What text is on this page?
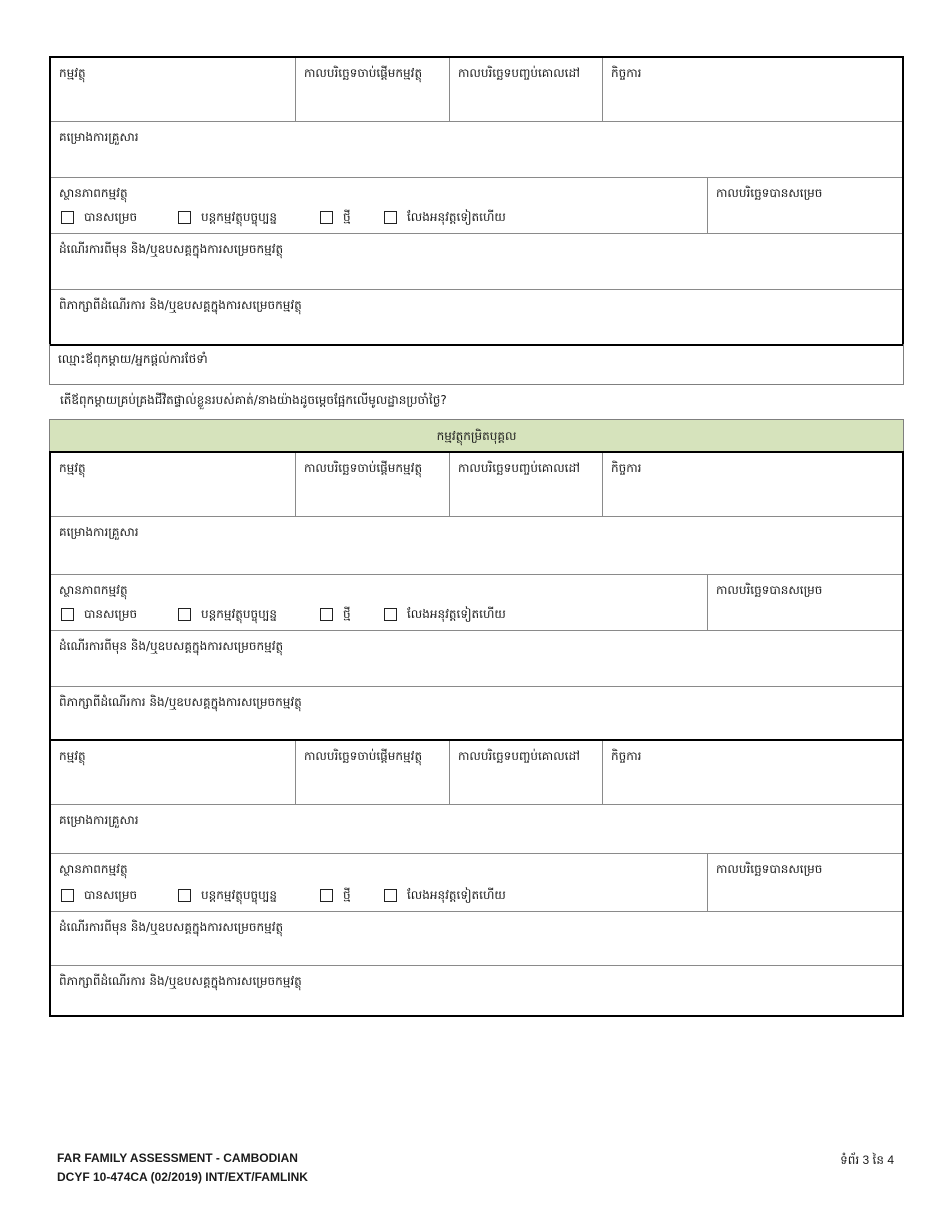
កម្មវត្ថុ	កាលបរិច្ឆេទចាប់ផ្តើមកម្មវត្ថុ	កាលបរិច្ឆេទបញ្ចប់គោលដៅ	កិច្ចការ
គម្រោងការគ្រួសារ
ស្ថានភាពកម្មវត្ថុ
បានសម្រេច	បន្តកម្មវត្ថុបច្ចុប្បន្ន	ថ្មី	លែងអនុវត្តទៀតហើយ
កាលបរិច្ឆេទបានសម្រេច
ដំណើរការពីមុន និង/ឬឧបសគ្គក្នុងការសម្រេចកម្មវត្ថុ
ពិភាក្សាពីដំណើរការ និង/ឬឧបសគ្គក្នុងការសម្រេចកម្មវត្ថុ
ឈ្មោះឪពុកម្តាយ/អ្នកផ្តល់ការថែទាំ
តើឪពុកម្តាយគ្រប់គ្រងជីវិតផ្ទាល់ខ្លួនរបស់គាត់/នាងយ៉ាងដូចម្តេចផ្អែកលើមូលដ្ឋានប្រចាំថ្ងៃ?
កម្មវត្ថុកម្រិតបុគ្គល
កម្មវត្ថុ	កាលបរិច្ឆេទចាប់ផ្តើមកម្មវត្ថុ	កាលបរិច្ឆេទបញ្ចប់គោលដៅ	កិច្ចការ
គម្រោងការគ្រួសារ
ស្ថានភាពកម្មវត្ថុ
បានសម្រេច	បន្តកម្មវត្ថុបច្ចុប្បន្ន	ថ្មី	លែងអនុវត្តទៀតហើយ
កាលបរិច្ឆេទបានសម្រេច
ដំណើរការពីមុន និង/ឬឧបសគ្គក្នុងការសម្រេចកម្មវត្ថុ
ពិភាក្សាពីដំណើរការ និង/ឬឧបសគ្គក្នុងការសម្រេចកម្មវត្ថុ
កម្មវត្ថុ	កាលបរិច្ឆេទចាប់ផ្តើមកម្មវត្ថុ	កាលបរិច្ឆេទបញ្ចប់គោលដៅ	កិច្ចការ
គម្រោងការគ្រួសារ
ស្ថានភាពកម្មវត្ថុ
បានសម្រេច	បន្តកម្មវត្ថុបច្ចុប្បន្ន	ថ្មី	លែងអនុវត្តទៀតហើយ
កាលបរិច្ឆេទបានសម្រេច
ដំណើរការពីមុន និង/ឬឧបសគ្គក្នុងការសម្រេចកម្មវត្ថុ
ពិភាក្សាពីដំណើរការ និង/ឬឧបសគ្គក្នុងការសម្រេចកម្មវត្ថុ
FAR FAMILY ASSESSMENT - CAMBODIAN
DCYF 10-474CA (02/2019) INT/EXT/FAMLINK
ទំព័រ 3 នៃ 4
